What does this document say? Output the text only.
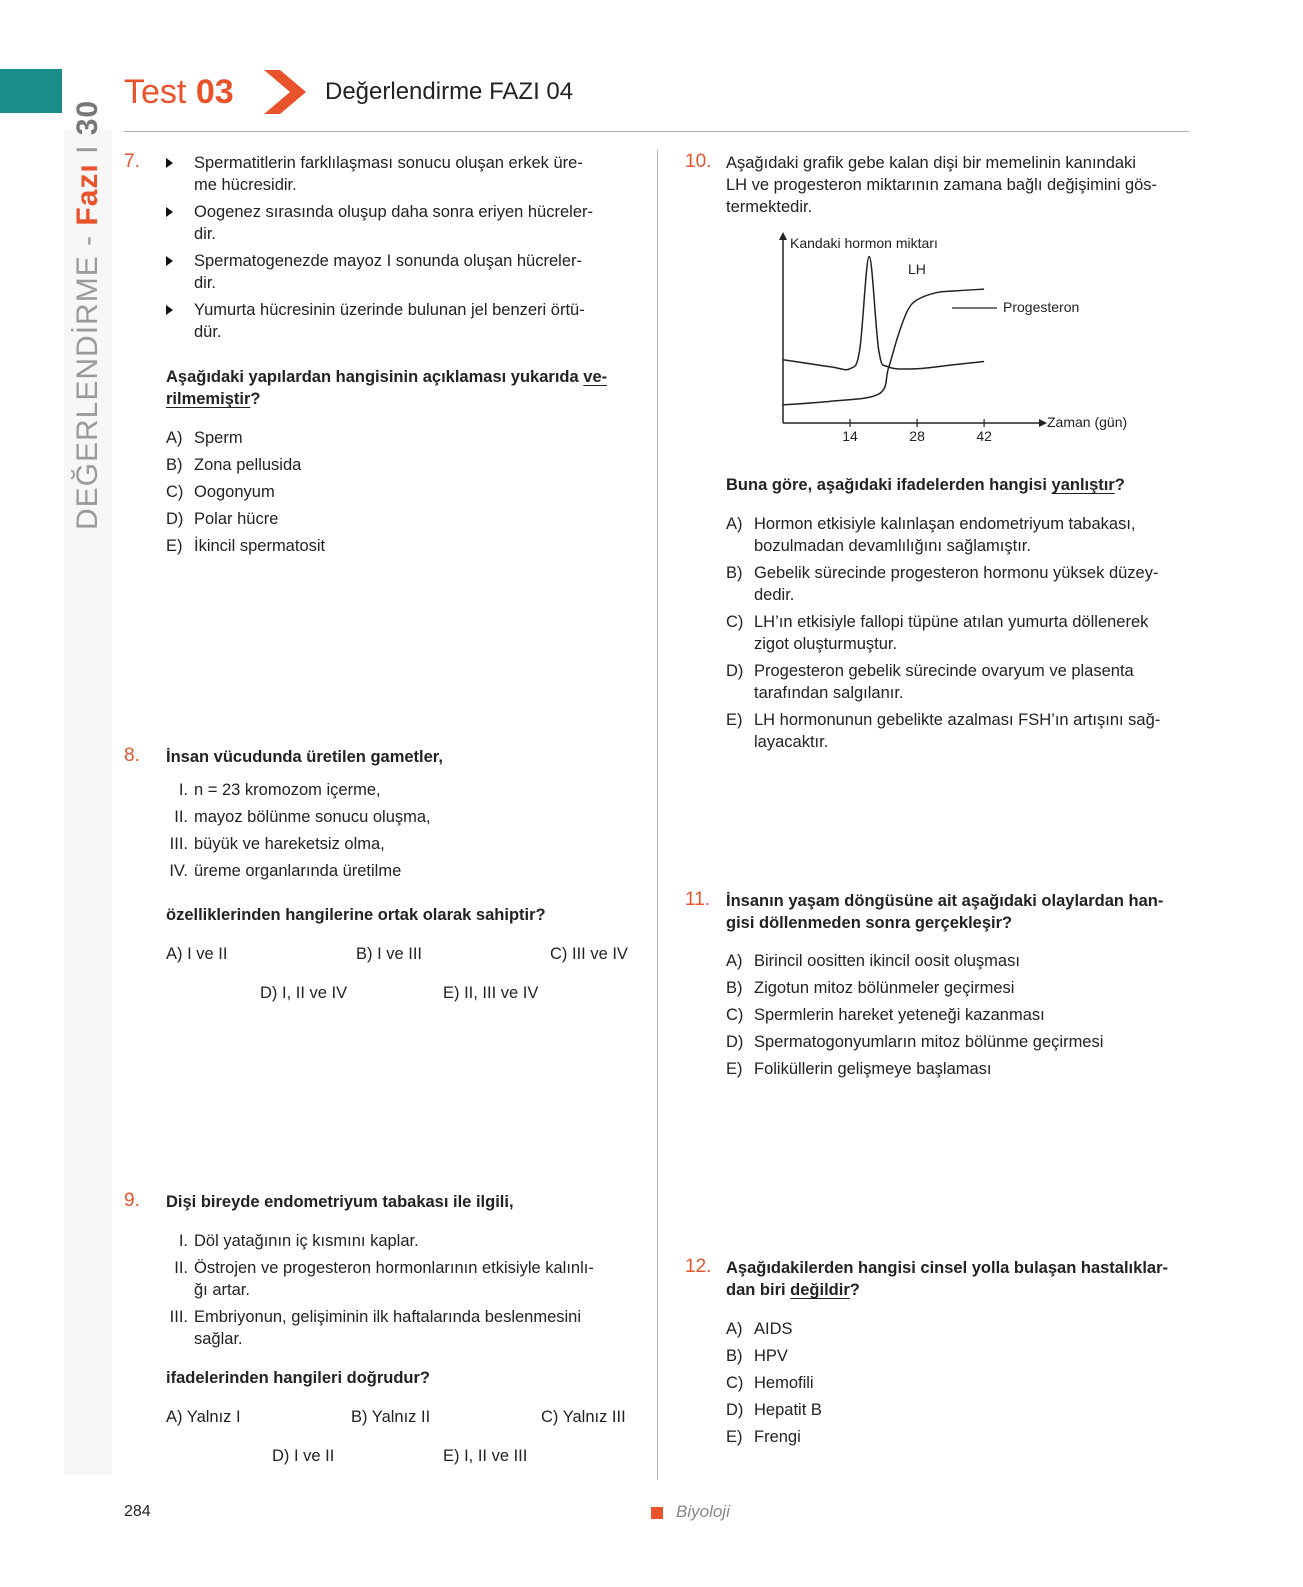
DEĞERLENDİRME - Fazı I 30
Test 03	Değerlendirme FAZI 04
7.	Spermatitlerin farklılaşması sonucu oluşan erkek üre-
me hücresidir.
Oogenez sırasında oluşup daha sonra eriyen hücreler-
dir.
Spermatogenezde mayoz I sonunda oluşan hücreler-
dir.
Yumurta hücresinin üzerinde bulunan jel benzeri örtü-
dür.
Aşağıdaki yapılardan hangisinin açıklaması yukarıda ve-
rilmemiştir?
A) Sperm
B) Zona pellusida
C) Oogonyum
D) Polar hücre
E) İkincil spermatosit
8. İnsan vücudunda üretilen gametler,
I. n = 23 kromozom içerme,
II. mayoz bölünme sonucu oluşma,
III. büyük ve hareketsiz olma,
IV. üreme organlarında üretilme
özelliklerinden hangilerine ortak olarak sahiptir?
A) I ve II	B) I ve III	C) III ve IV
D) I, II ve IV	E) II, III ve IV
9. Dişi bireyde endometriyum tabakası ile ilgili,
I. Döl yatağının iç kısmını kaplar.
II. Östrojen ve progesteron hormonlarının etkisiyle kalınlı-
ğı artar.
III. Embriyonun, gelişiminin ilk haftalarında beslenmesini
sağlar.
ifadelerinden hangileri doğrudur?
A) Yalnız I	B) Yalnız II	C) Yalnız III
D) I ve II	E) I, II ve III
10. Aşağıdaki grafik gebe kalan dişi bir memelinin kanındaki
LH ve progesteron miktarının zamana bağlı değişimini gös-
termektedir.
Kandaki hormon miktarı
Zaman (gün)
14	28	42
LH
Progesteron
Buna göre, aşağıdaki ifadelerden hangisi yanlıştır?
A) Hormon etkisiyle kalınlaşan endometriyum tabakası,
bozulmadan devamlılığını sağlamıştır.
B) Gebelik sürecinde progesteron hormonu yüksek düzey-
dedir.
C) LH’ın etkisiyle fallopi tüpüne atılan yumurta döllenerek
zigot oluşturmuştur.
D) Progesteron gebelik sürecinde ovaryum ve plasenta
tarafından salgılanır.
E) LH hormonunun gebelikte azalması FSH’ın artışını sağ-
layacaktır.
11. İnsanın yaşam döngüsüne ait aşağıdaki olaylardan han-
gisi döllenmeden sonra gerçekleşir?
A) Birincil oositten ikincil oosit oluşması
B) Zigotun mitoz bölünmeler geçirmesi
C) Spermlerin hareket yeteneği kazanması
D) Spermatogonyumların mitoz bölünme geçirmesi
E) Foliküllerin gelişmeye başlaması
12. Aşağıdakilerden hangisi cinsel yolla bulaşan hastalıklar-
dan biri değildir?
A) AIDS
B) HPV
C) Hemofili
D) Hepatit B
E) Frengi
284	Biyoloji
